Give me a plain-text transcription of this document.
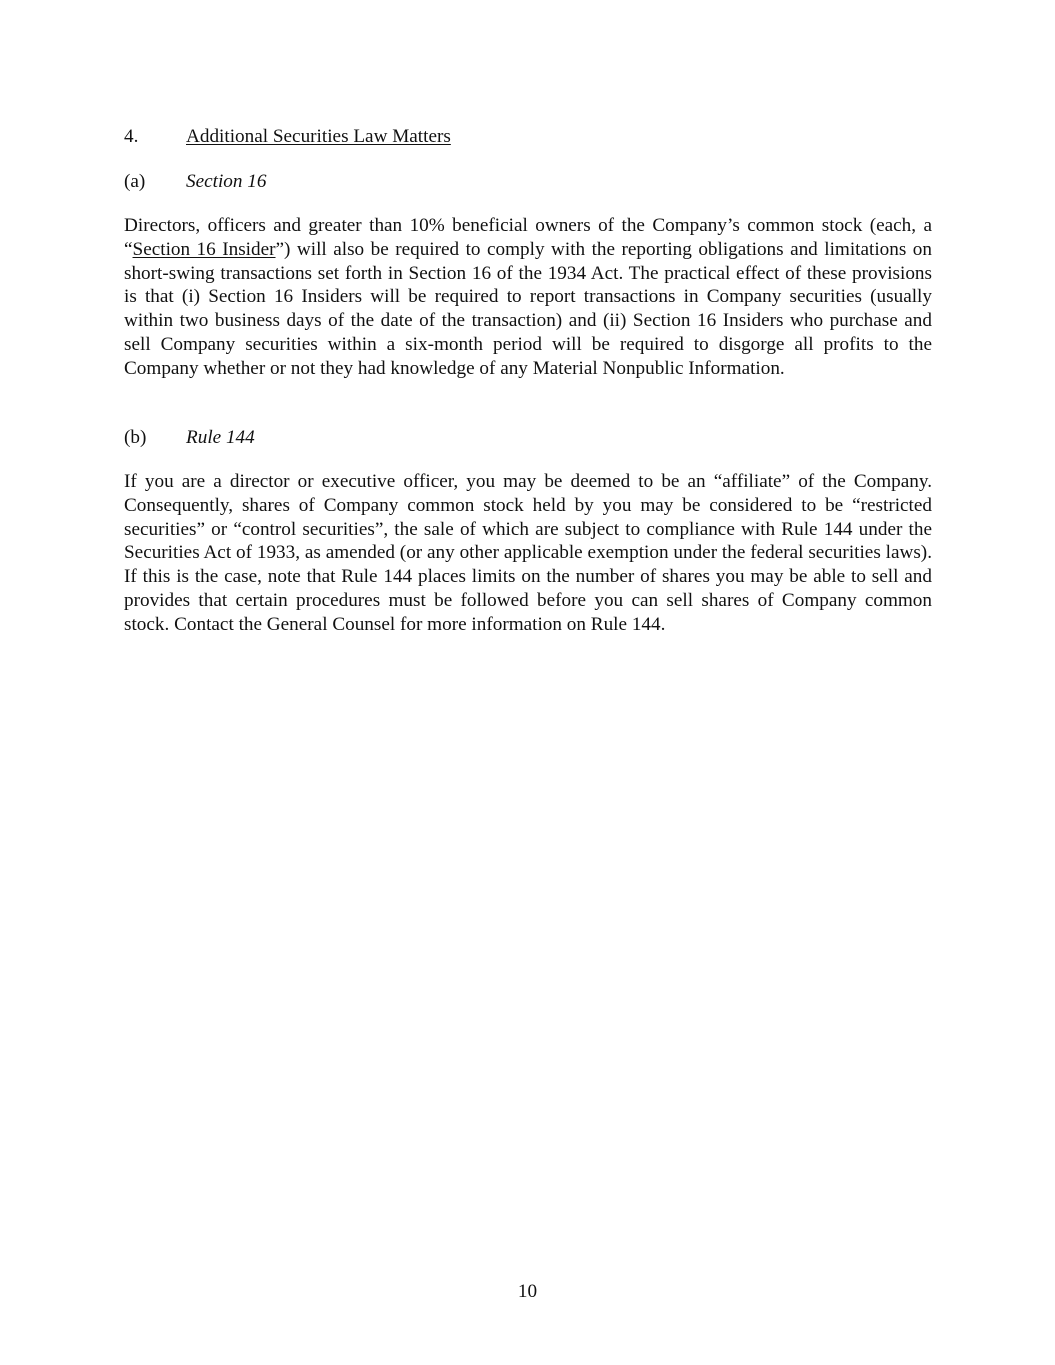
4. Additional Securities Law Matters
(a) Section 16

Directors, officers and greater than 10% beneficial owners of the Company’s common stock (each, a “Section 16 Insider”) will also be required to comply with the reporting obligations and limitations on short-swing transactions set forth in Section 16 of the 1934 Act. The practical effect of these provisions is that (i) Section 16 Insiders will be required to report transactions in Company securities (usually within two business days of the date of the transaction) and (ii) Section 16 Insiders who purchase and sell Company securities within a six-month period will be required to disgorge all profits to the Company whether or not they had knowledge of any Material Nonpublic Information.

(b) Rule 144

If you are a director or executive officer, you may be deemed to be an “affiliate” of the Company. Consequently, shares of Company common stock held by you may be considered to be “restricted securities” or “control securities”, the sale of which are subject to compliance with Rule 144 under the Securities Act of 1933, as amended (or any other applicable exemption under the federal securities laws). If this is the case, note that Rule 144 places limits on the number of shares you may be able to sell and provides that certain procedures must be followed before you can sell shares of Company common stock. Contact the General Counsel for more information on Rule 144.

10
